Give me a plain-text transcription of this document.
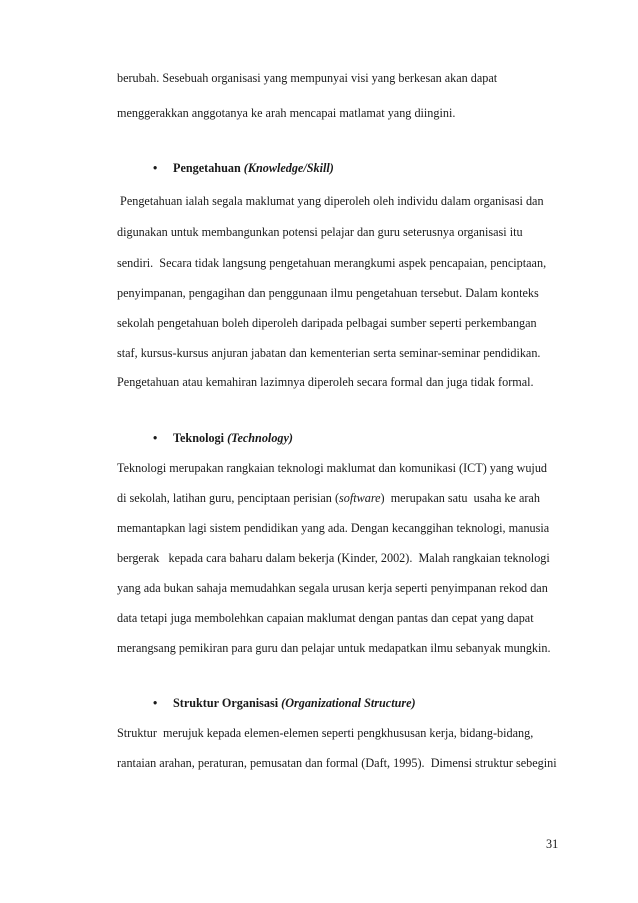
berubah. Sesebuah organisasi yang mempunyai visi yang berkesan akan dapat
menggerakkan anggotanya ke arah mencapai matlamat yang diingini.
• Pengetahuan (Knowledge/Skill)
Pengetahuan ialah segala maklumat yang diperoleh oleh individu dalam organisasi dan
digunakan untuk membangunkan potensi pelajar dan guru seterusnya organisasi itu
sendiri.  Secara tidak langsung pengetahuan merangkumi aspek pencapaian, penciptaan,
penyimpanan, pengagihan dan penggunaan ilmu pengetahuan tersebut. Dalam konteks
sekolah pengetahuan boleh diperoleh daripada pelbagai sumber seperti perkembangan
staf, kursus-kursus anjuran jabatan dan kementerian serta seminar-seminar pendidikan.
Pengetahuan atau kemahiran lazimnya diperoleh secara formal dan juga tidak formal.
• Teknologi (Technology)
Teknologi merupakan rangkaian teknologi maklumat dan komunikasi (ICT) yang wujud
di sekolah, latihan guru, penciptaan perisian (software)  merupakan satu  usaha ke arah
memantapkan lagi sistem pendidikan yang ada. Dengan kecanggihan teknologi, manusia
bergerak   kepada cara baharu dalam bekerja (Kinder, 2002).  Malah rangkaian teknologi
yang ada bukan sahaja memudahkan segala urusan kerja seperti penyimpanan rekod dan
data tetapi juga membolehkan capaian maklumat dengan pantas dan cepat yang dapat
merangsang pemikiran para guru dan pelajar untuk medapatkan ilmu sebanyak mungkin.
• Struktur Organisasi (Organizational Structure)
Struktur  merujuk kepada elemen-elemen seperti pengkhususan kerja, bidang-bidang,
rantaian arahan, peraturan, pemusatan dan formal (Daft, 1995).  Dimensi struktur sebegini
31
